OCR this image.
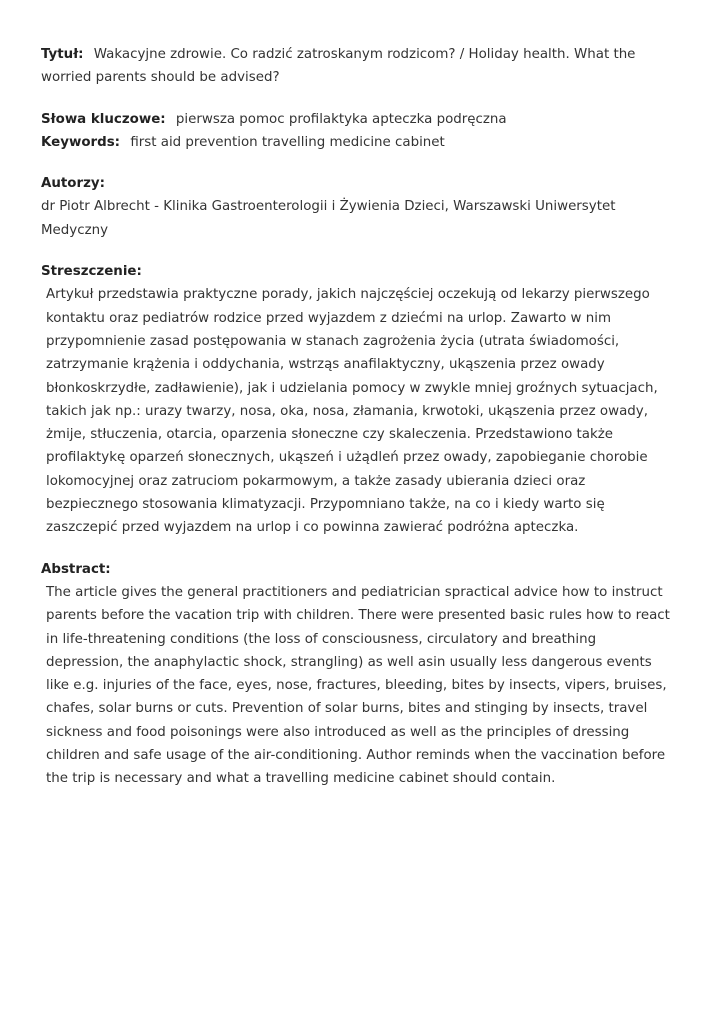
Tytuł: Wakacyjne zdrowie. Co radzić zatroskanym rodzicom? / Holiday health. What the worried parents should be advised?
Słowa kluczowe: pierwsza pomoc profilaktyka apteczka podręczna
Keywords: first aid prevention travelling medicine cabinet
Autorzy:
dr Piotr Albrecht - Klinika Gastroenterologii i Żywienia Dzieci, Warszawski Uniwersytet Medyczny
Streszczenie:
Artykuł przedstawia praktyczne porady, jakich najczęściej oczekują od lekarzy pierwszego kontaktu oraz pediatrów rodzice przed wyjazdem z dziećmi na urlop. Zawarto w nim przypomnienie zasad postępowania w stanach zagrożenia życia (utrata świadomości, zatrzymanie krążenia i oddychania, wstrząs anafilaktyczny, ukąszenia przez owady błonkoskrzydłe, zadławienie), jak i udzielania pomocy w zwykle mniej groźnych sytuacjach, takich jak np.: urazy twarzy, nosa, oka, nosa, złamania, krwotoki, ukąszenia przez owady, żmije, stłuczenia, otarcia, oparzenia słoneczne czy skaleczenia. Przedstawiono także profilaktykę oparzeń słonecznych, ukąszeń i użądleń przez owady, zapobieganie chorobie lokomocyjnej oraz zatruciom pokarmowym, a także zasady ubierania dzieci oraz bezpiecznego stosowania klimatyzacji. Przypomniano także, na co i kiedy warto się zaszczepić przed wyjazdem na urlop i co powinna zawierać podróżna apteczka.
Abstract:
The article gives the general practitioners and pediatrician spractical advice how to instruct parents before the vacation trip with children. There were presented basic rules how to react in life-threatening conditions (the loss of consciousness, circulatory and breathing depression, the anaphylactic shock, strangling) as well asin usually less dangerous events like e.g. injuries of the face, eyes, nose, fractures, bleeding, bites by insects, vipers, bruises, chafes, solar burns or cuts. Prevention of solar burns, bites and stinging by insects, travel sickness and food poisonings were also introduced as well as the principles of dressing children and safe usage of the air-conditioning. Author reminds when the vaccination before the trip is necessary and what a travelling medicine cabinet should contain.
